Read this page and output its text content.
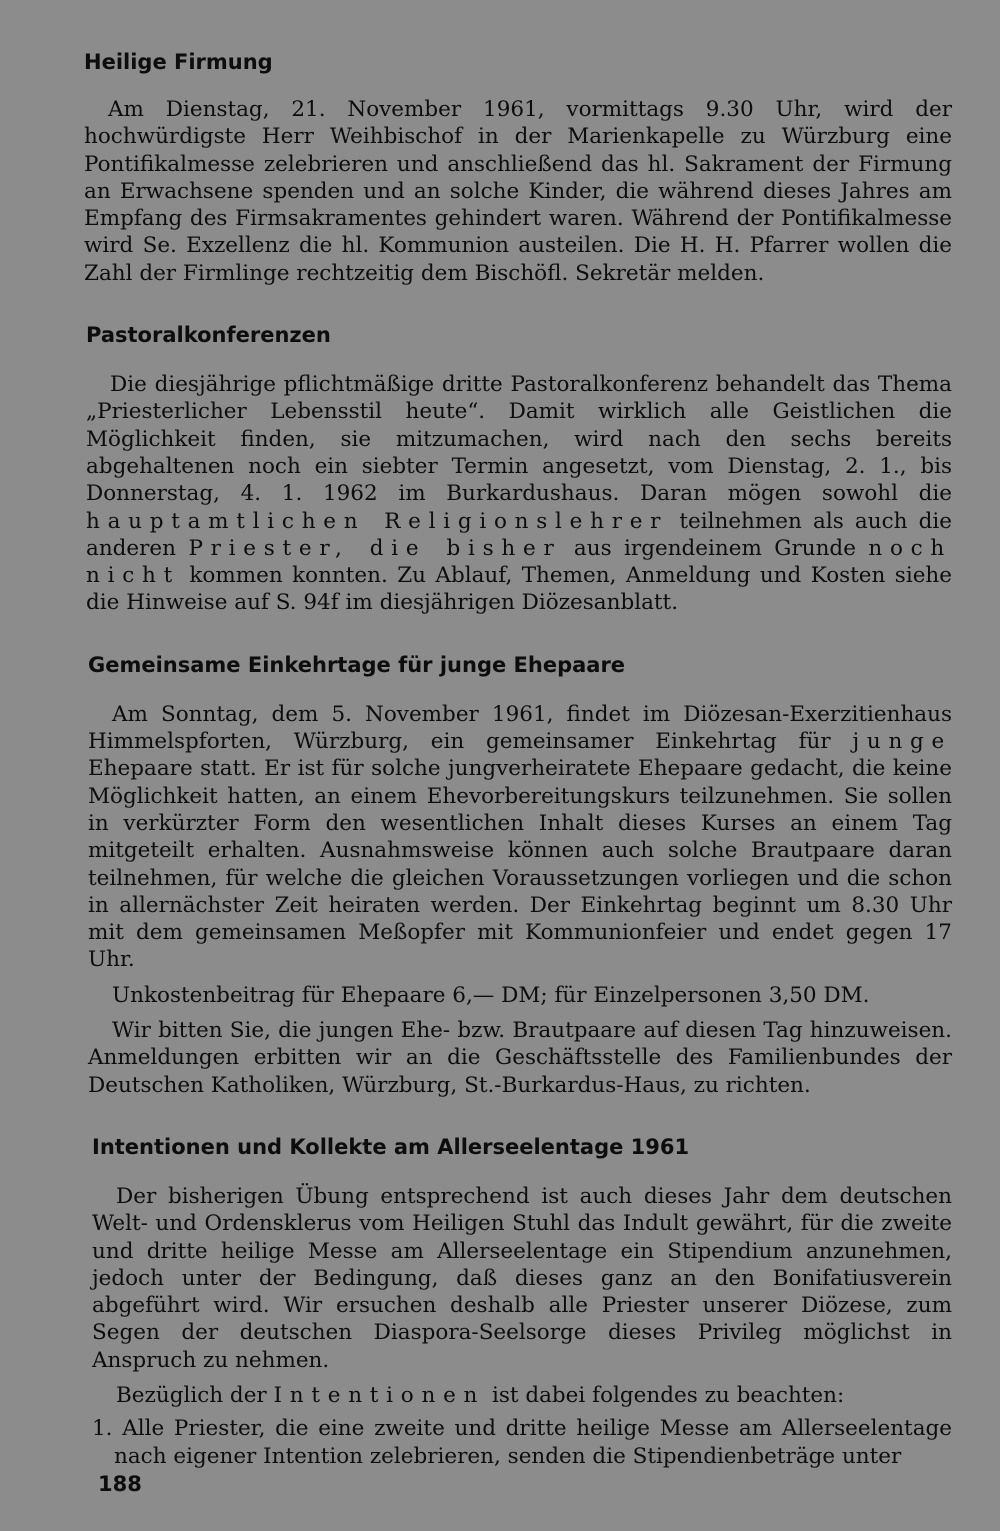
Heilige Firmung

Am Dienstag, 21. November 1961, vormittags 9.30 Uhr, wird der hochwürdigste Herr Weihbischof in der Marienkapelle zu Würzburg eine Pontifikalmesse zelebrieren und anschließend das hl. Sakrament der Firmung an Erwachsene spenden und an solche Kinder, die während dieses Jahres am Empfang des Firmsakramentes gehindert waren. Während der Pontifikalmesse wird Se. Exzellenz die hl. Kommunion austeilen. Die H. H. Pfarrer wollen die Zahl der Firmlinge rechtzeitig dem Bischöfl. Sekretär melden.

Pastoralkonferenzen

Die diesjährige pflichtmäßige dritte Pastoralkonferenz behandelt das Thema „Priesterlicher Lebensstil heute“. Damit wirklich alle Geistlichen die Möglichkeit finden, sie mitzumachen, wird nach den sechs bereits abgehaltenen noch ein siebter Termin angesetzt, vom Dienstag, 2. 1., bis Donnerstag, 4. 1. 1962 im Burkardushaus. Daran mögen sowohl die hauptamtlichen Religionslehrer teilnehmen als auch die anderen Priester, die bisher aus irgendeinem Grunde noch nicht kommen konnten. Zu Ablauf, Themen, Anmeldung und Kosten siehe die Hinweise auf S. 94f im diesjährigen Diözesanblatt.

Gemeinsame Einkehrtage für junge Ehepaare

Am Sonntag, dem 5. November 1961, findet im Diözesan-Exerzitienhaus Himmelspforten, Würzburg, ein gemeinsamer Einkehrtag für junge Ehepaare statt. Er ist für solche jungverheiratete Ehepaare gedacht, die keine Möglichkeit hatten, an einem Ehevorbereitungskurs teilzunehmen. Sie sollen in verkürzter Form den wesentlichen Inhalt dieses Kurses an einem Tag mitgeteilt erhalten. Ausnahmsweise können auch solche Brautpaare daran teilnehmen, für welche die gleichen Voraussetzungen vorliegen und die schon in allernächster Zeit heiraten werden. Der Einkehrtag beginnt um 8.30 Uhr mit dem gemeinsamen Meßopfer mit Kommunionfeier und endet gegen 17 Uhr.

Unkostenbeitrag für Ehepaare 6,— DM; für Einzelpersonen 3,50 DM.

Wir bitten Sie, die jungen Ehe- bzw. Brautpaare auf diesen Tag hinzuweisen. Anmeldungen erbitten wir an die Geschäftsstelle des Familienbundes der Deutschen Katholiken, Würzburg, St.-Burkardus-Haus, zu richten.

Intentionen und Kollekte am Allerseelentage 1961

Der bisherigen Übung entsprechend ist auch dieses Jahr dem deutschen Welt- und Ordensklerus vom Heiligen Stuhl das Indult gewährt, für die zweite und dritte heilige Messe am Allerseelentage ein Stipendium anzunehmen, jedoch unter der Bedingung, daß dieses ganz an den Bonifatiusverein abgeführt wird. Wir ersuchen deshalb alle Priester unserer Diözese, zum Segen der deutschen Diaspora-Seelsorge dieses Privileg möglichst in Anspruch zu nehmen.

Bezüglich der Intentionen ist dabei folgendes zu beachten:

1. Alle Priester, die eine zweite und dritte heilige Messe am Allerseelentage nach eigener Intention zelebrieren, senden die Stipendienbeträge unter

188
